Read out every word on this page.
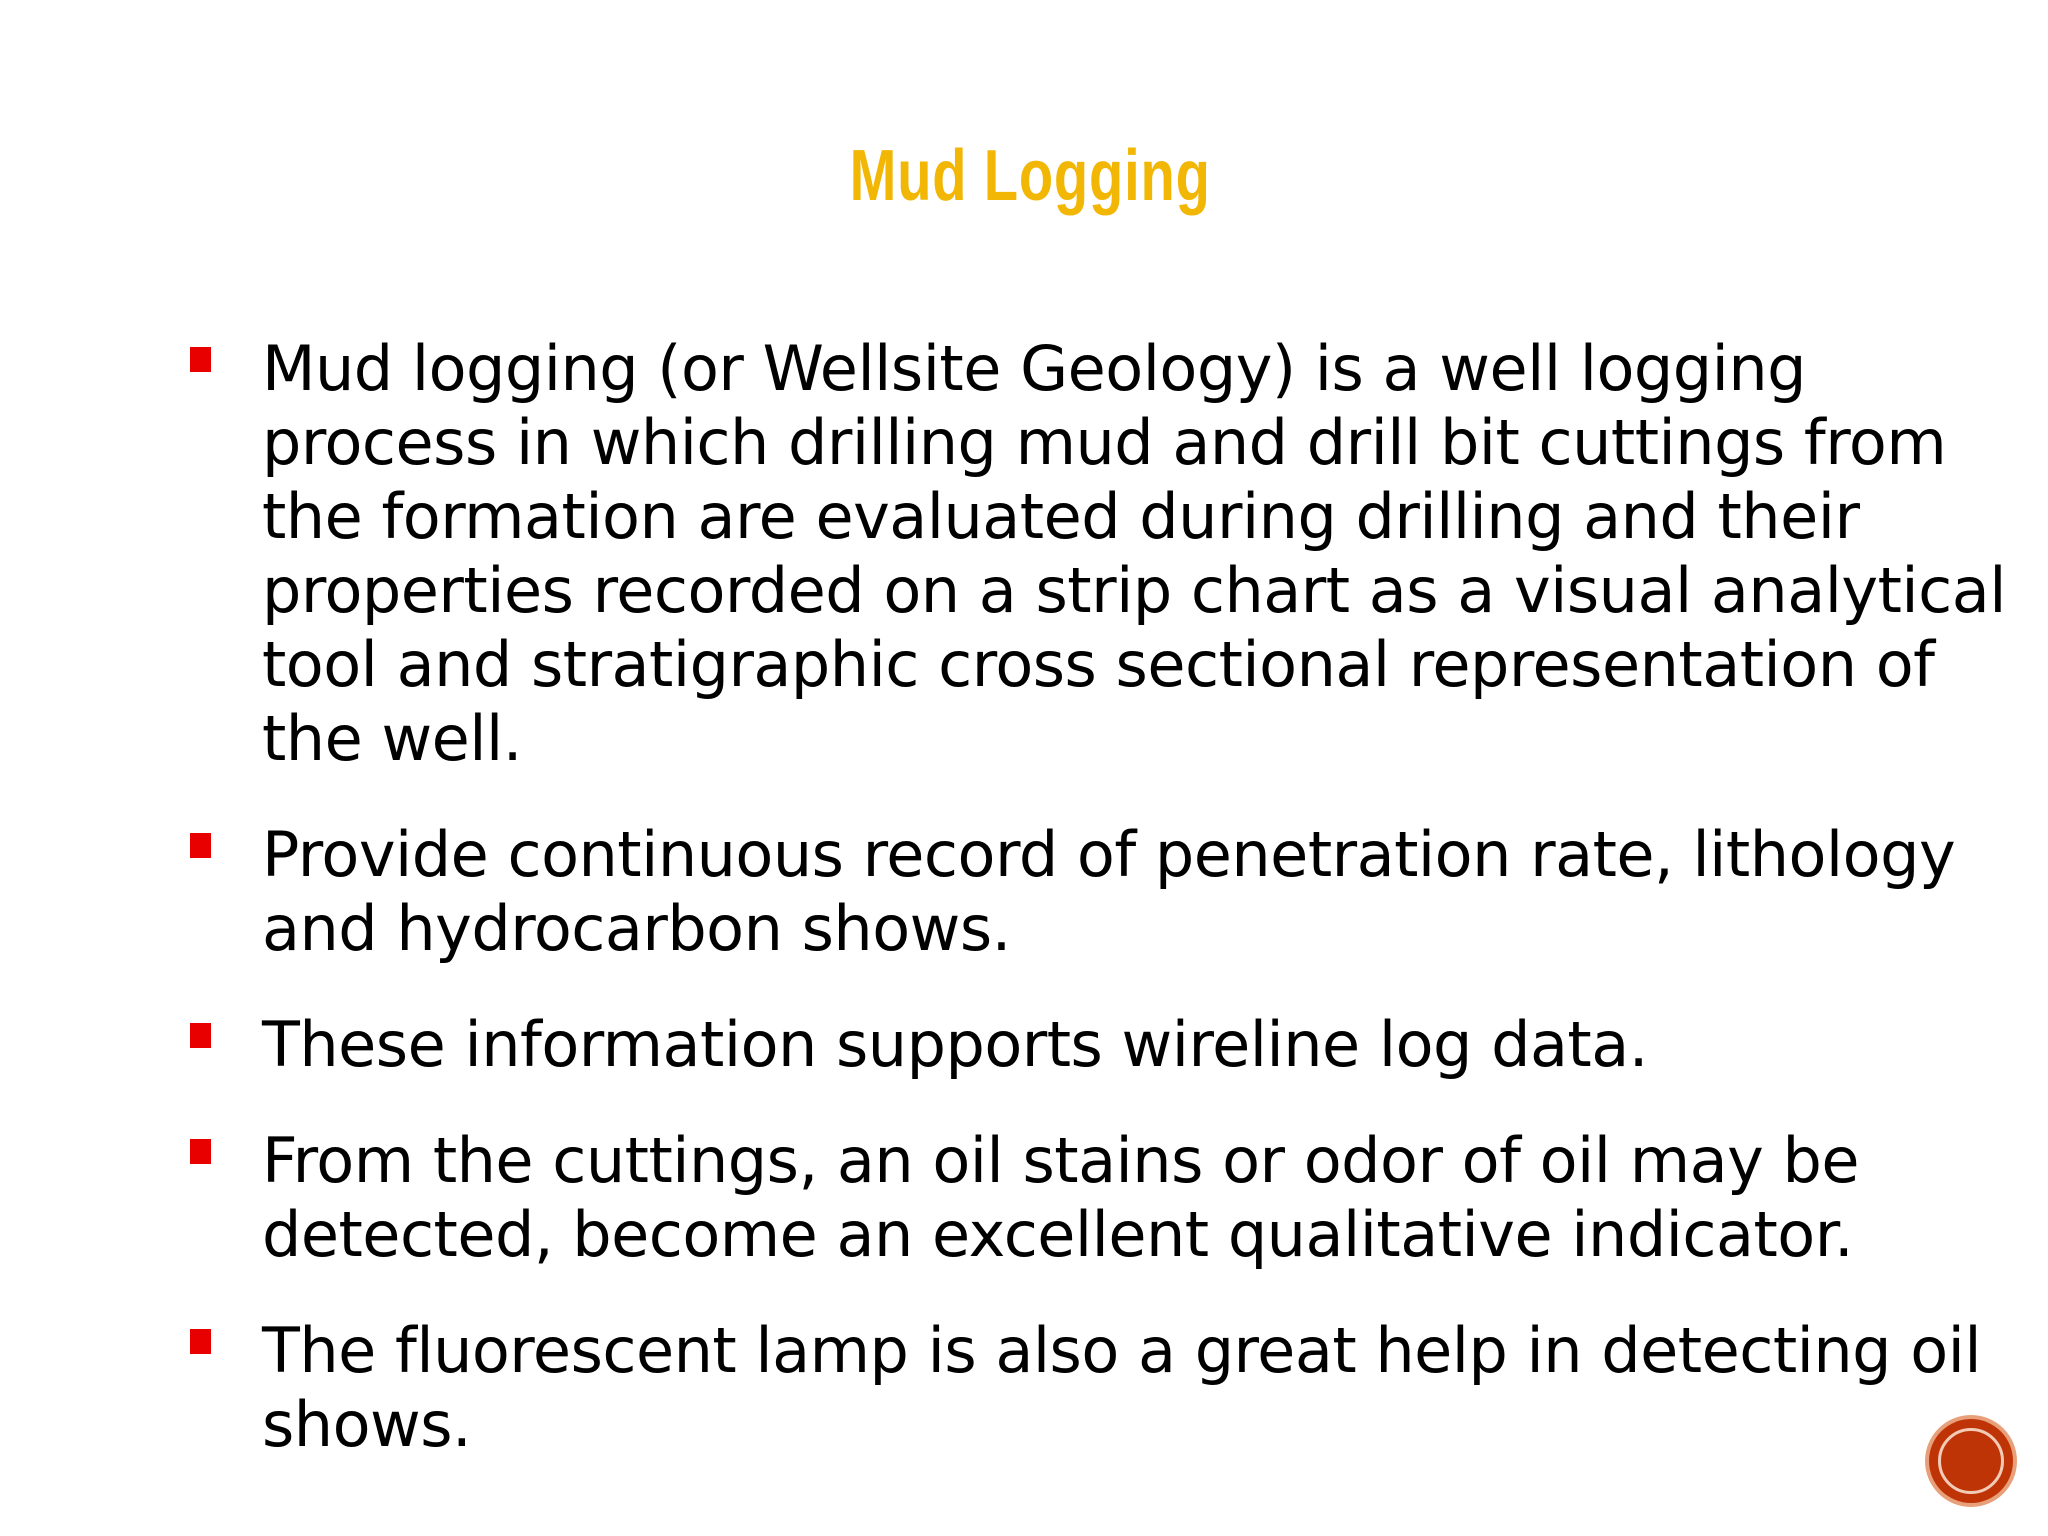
Mud Logging
Mud logging (or Wellsite Geology) is a well logging process in which drilling mud and drill bit cuttings from the formation are evaluated during drilling and their properties recorded on a strip chart as a visual analytical tool and stratigraphic cross sectional representation of the well.
Provide continuous record of penetration rate, lithology and hydrocarbon shows.
These information supports wireline log data.
From the cuttings, an oil stains or odor of oil may be detected, become an excellent qualitative indicator.
The fluorescent lamp is also a great help in detecting oil shows.
